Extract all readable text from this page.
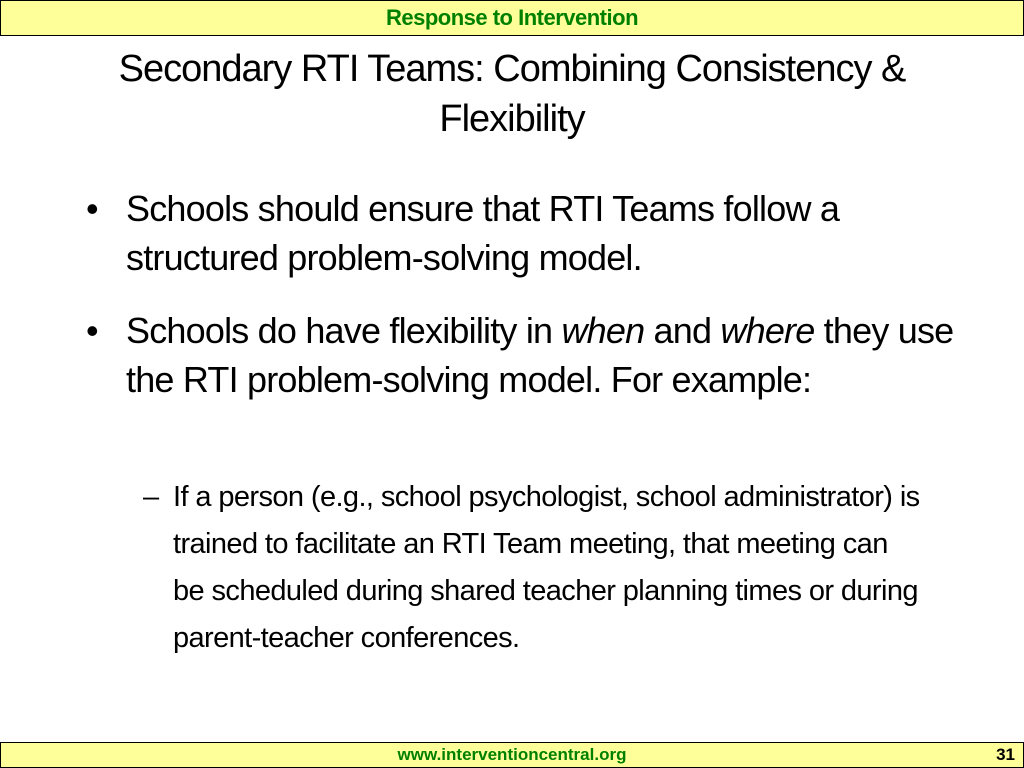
Response to Intervention
Secondary RTI Teams: Combining Consistency & Flexibility
• Schools should ensure that RTI Teams follow a structured problem-solving model.
• Schools do have flexibility in when and where they use the RTI problem-solving model. For example:
– If a person (e.g., school psychologist, school administrator) is trained to facilitate an RTI Team meeting, that meeting can be scheduled during shared teacher planning times or during parent-teacher conferences.
www.interventioncentral.org	31
